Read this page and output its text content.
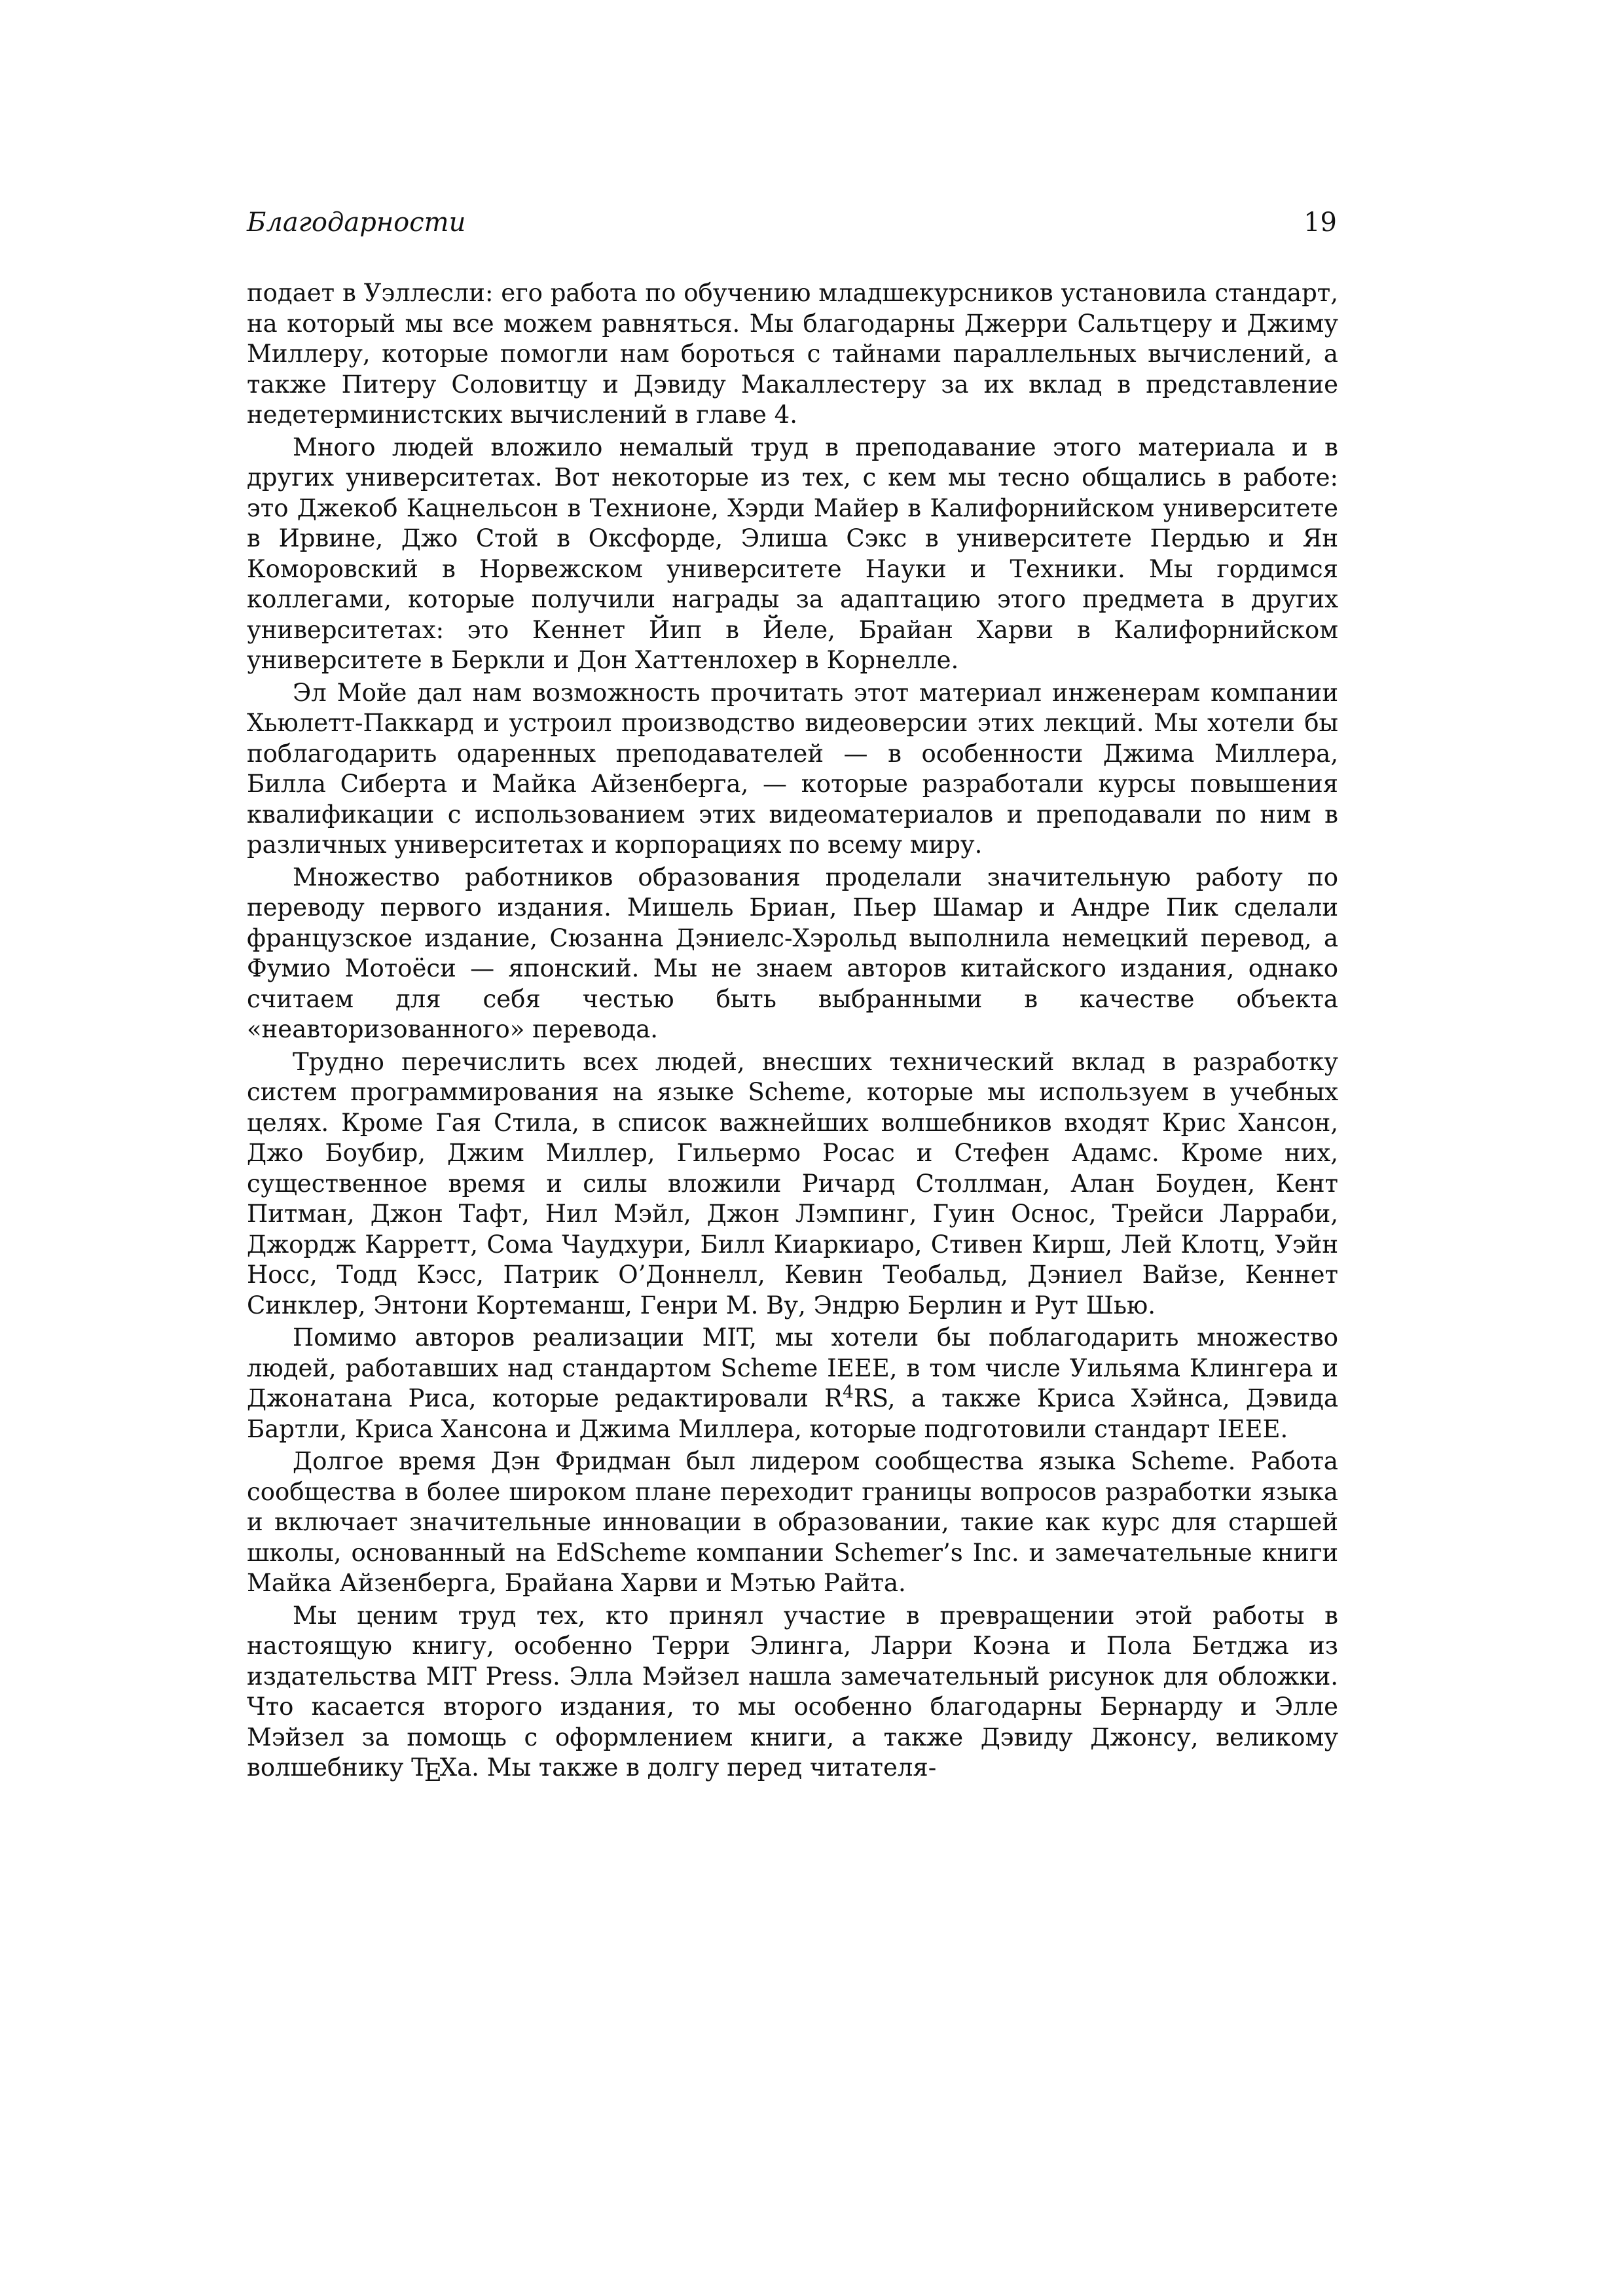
Благодарности	19

подает в Уэллесли: его работа по обучению младшекурсников установила стандарт, на который мы все можем равняться. Мы благодарны Джерри Сальтцеру и Джиму Миллеру, которые помогли нам бороться с тайнами параллельных вычислений, а также Питеру Соловитцу и Дэвиду Макаллестеру за их вклад в представление недетерминистских вычислений в главе 4.

Много людей вложило немалый труд в преподавание этого материала и в других университетах. Вот некоторые из тех, с кем мы тесно общались в работе: это Джекоб Кацнельсон в Технионе, Хэрди Майер в Калифорнийском университете в Ирвине, Джо Стой в Оксфорде, Элиша Сэкс в университете Пердью и Ян Коморовский в Норвежском университете Науки и Техники. Мы гордимся коллегами, которые получили награды за адаптацию этого предмета в других университетах: это Кеннет Йип в Йеле, Брайан Харви в Калифорнийском университете в Беркли и Дон Хаттенлохер в Корнелле.

Эл Мойе дал нам возможность прочитать этот материал инженерам компании Хьюлетт-Паккард и устроил производство видеоверсии этих лекций. Мы хотели бы поблагодарить одаренных преподавателей — в особенности Джима Миллера, Билла Сиберта и Майка Айзенберга, — которые разработали курсы повышения квалификации с использованием этих видеоматериалов и преподавали по ним в различных университетах и корпорациях по всему миру.

Множество работников образования проделали значительную работу по переводу первого издания. Мишель Бриан, Пьер Шамар и Андре Пик сделали французское издание, Сюзанна Дэниелс-Хэрольд выполнила немецкий перевод, а Фумио Мотоёси — японский. Мы не знаем авторов китайского издания, однако считаем для себя честью быть выбранными в качестве объекта «неавторизованного» перевода.

Трудно перечислить всех людей, внесших технический вклад в разработку систем программирования на языке Scheme, которые мы используем в учебных целях. Кроме Гая Стила, в список важнейших волшебников входят Крис Хансон, Джо Боубир, Джим Миллер, Гильермо Росас и Стефен Адамс. Кроме них, существенное время и силы вложили Ричард Столлман, Алан Боуден, Кент Питман, Джон Тафт, Нил Мэйл, Джон Лэмпинг, Гуин Оснос, Трейси Ларраби, Джордж Карретт, Сома Чаудхури, Билл Киаркиаро, Стивен Кирш, Лей Клотц, Уэйн Носс, Тодд Кэсс, Патрик О’Доннелл, Кевин Теобальд, Дэниел Вайзе, Кеннет Синклер, Энтони Кортеманш, Генри М. Ву, Эндрю Берлин и Рут Шью.

Помимо авторов реализации MIT, мы хотели бы поблагодарить множество людей, работавших над стандартом Scheme IEEE, в том числе Уильяма Клингера и Джонатана Риса, которые редактировали $R^4RS$, а также Криса Хэйнса, Дэвида Бартли, Криса Хансона и Джима Миллера, которые подготовили стандарт IEEE.

Долгое время Дэн Фридман был лидером сообщества языка Scheme. Работа сообщества в более широком плане переходит границы вопросов разработки языка и включает значительные инновации в образовании, такие как курс для старшей школы, основанный на EdScheme компании Schemer’s Inc. и замечательные книги Майка Айзенберга, Брайана Харви и Мэтью Райта.

Мы ценим труд тех, кто принял участие в превращении этой работы в настоящую книгу, особенно Терри Элинга, Ларри Коэна и Пола Бетджа из издательства MIT Press. Элла Мэйзел нашла замечательный рисунок для обложки. Что касается второго издания, то мы особенно благодарны Бернарду и Элле Мэйзел за помощь с оформлением книги, а также Дэвиду Джонсу, великому волшебнику TEXа. Мы также в долгу перед читателя-
